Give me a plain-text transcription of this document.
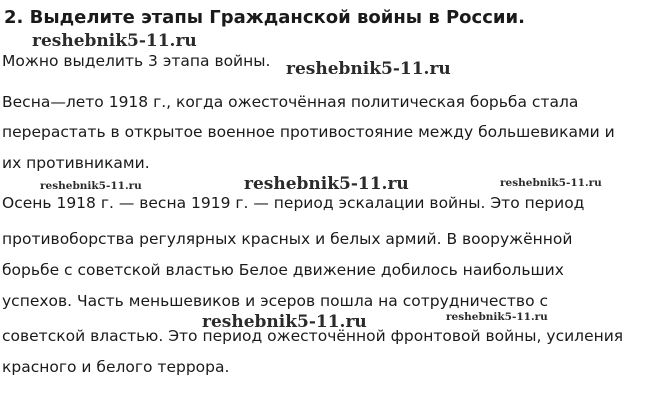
2. Выделите этапы Гражданской войны в России.

Можно выделить 3 этапа войны.

Весна—лето 1918 г., когда ожесточённая политическая борьба стала

перерастать в открытое военное противостояние между большевиками и

их противниками.

Осень 1918 г. — весна 1919 г. — период эскалации войны. Это период

противоборства регулярных красных и белых армий. В вооружённой

борьбе с советской властью Белое движение добилось наибольших

успехов. Часть меньшевиков и эсеров пошла на сотрудничество с

советской властью. Это период ожесточённой фронтовой войны, усиления

красного и белого террора.

reshebnik5-11.ru
reshebnik5-11.ru
reshebnik5-11.ru	reshebnik5-11.ru	reshebnik5-11.ru
reshebnik5-11.ru	reshebnik5-11.ru
